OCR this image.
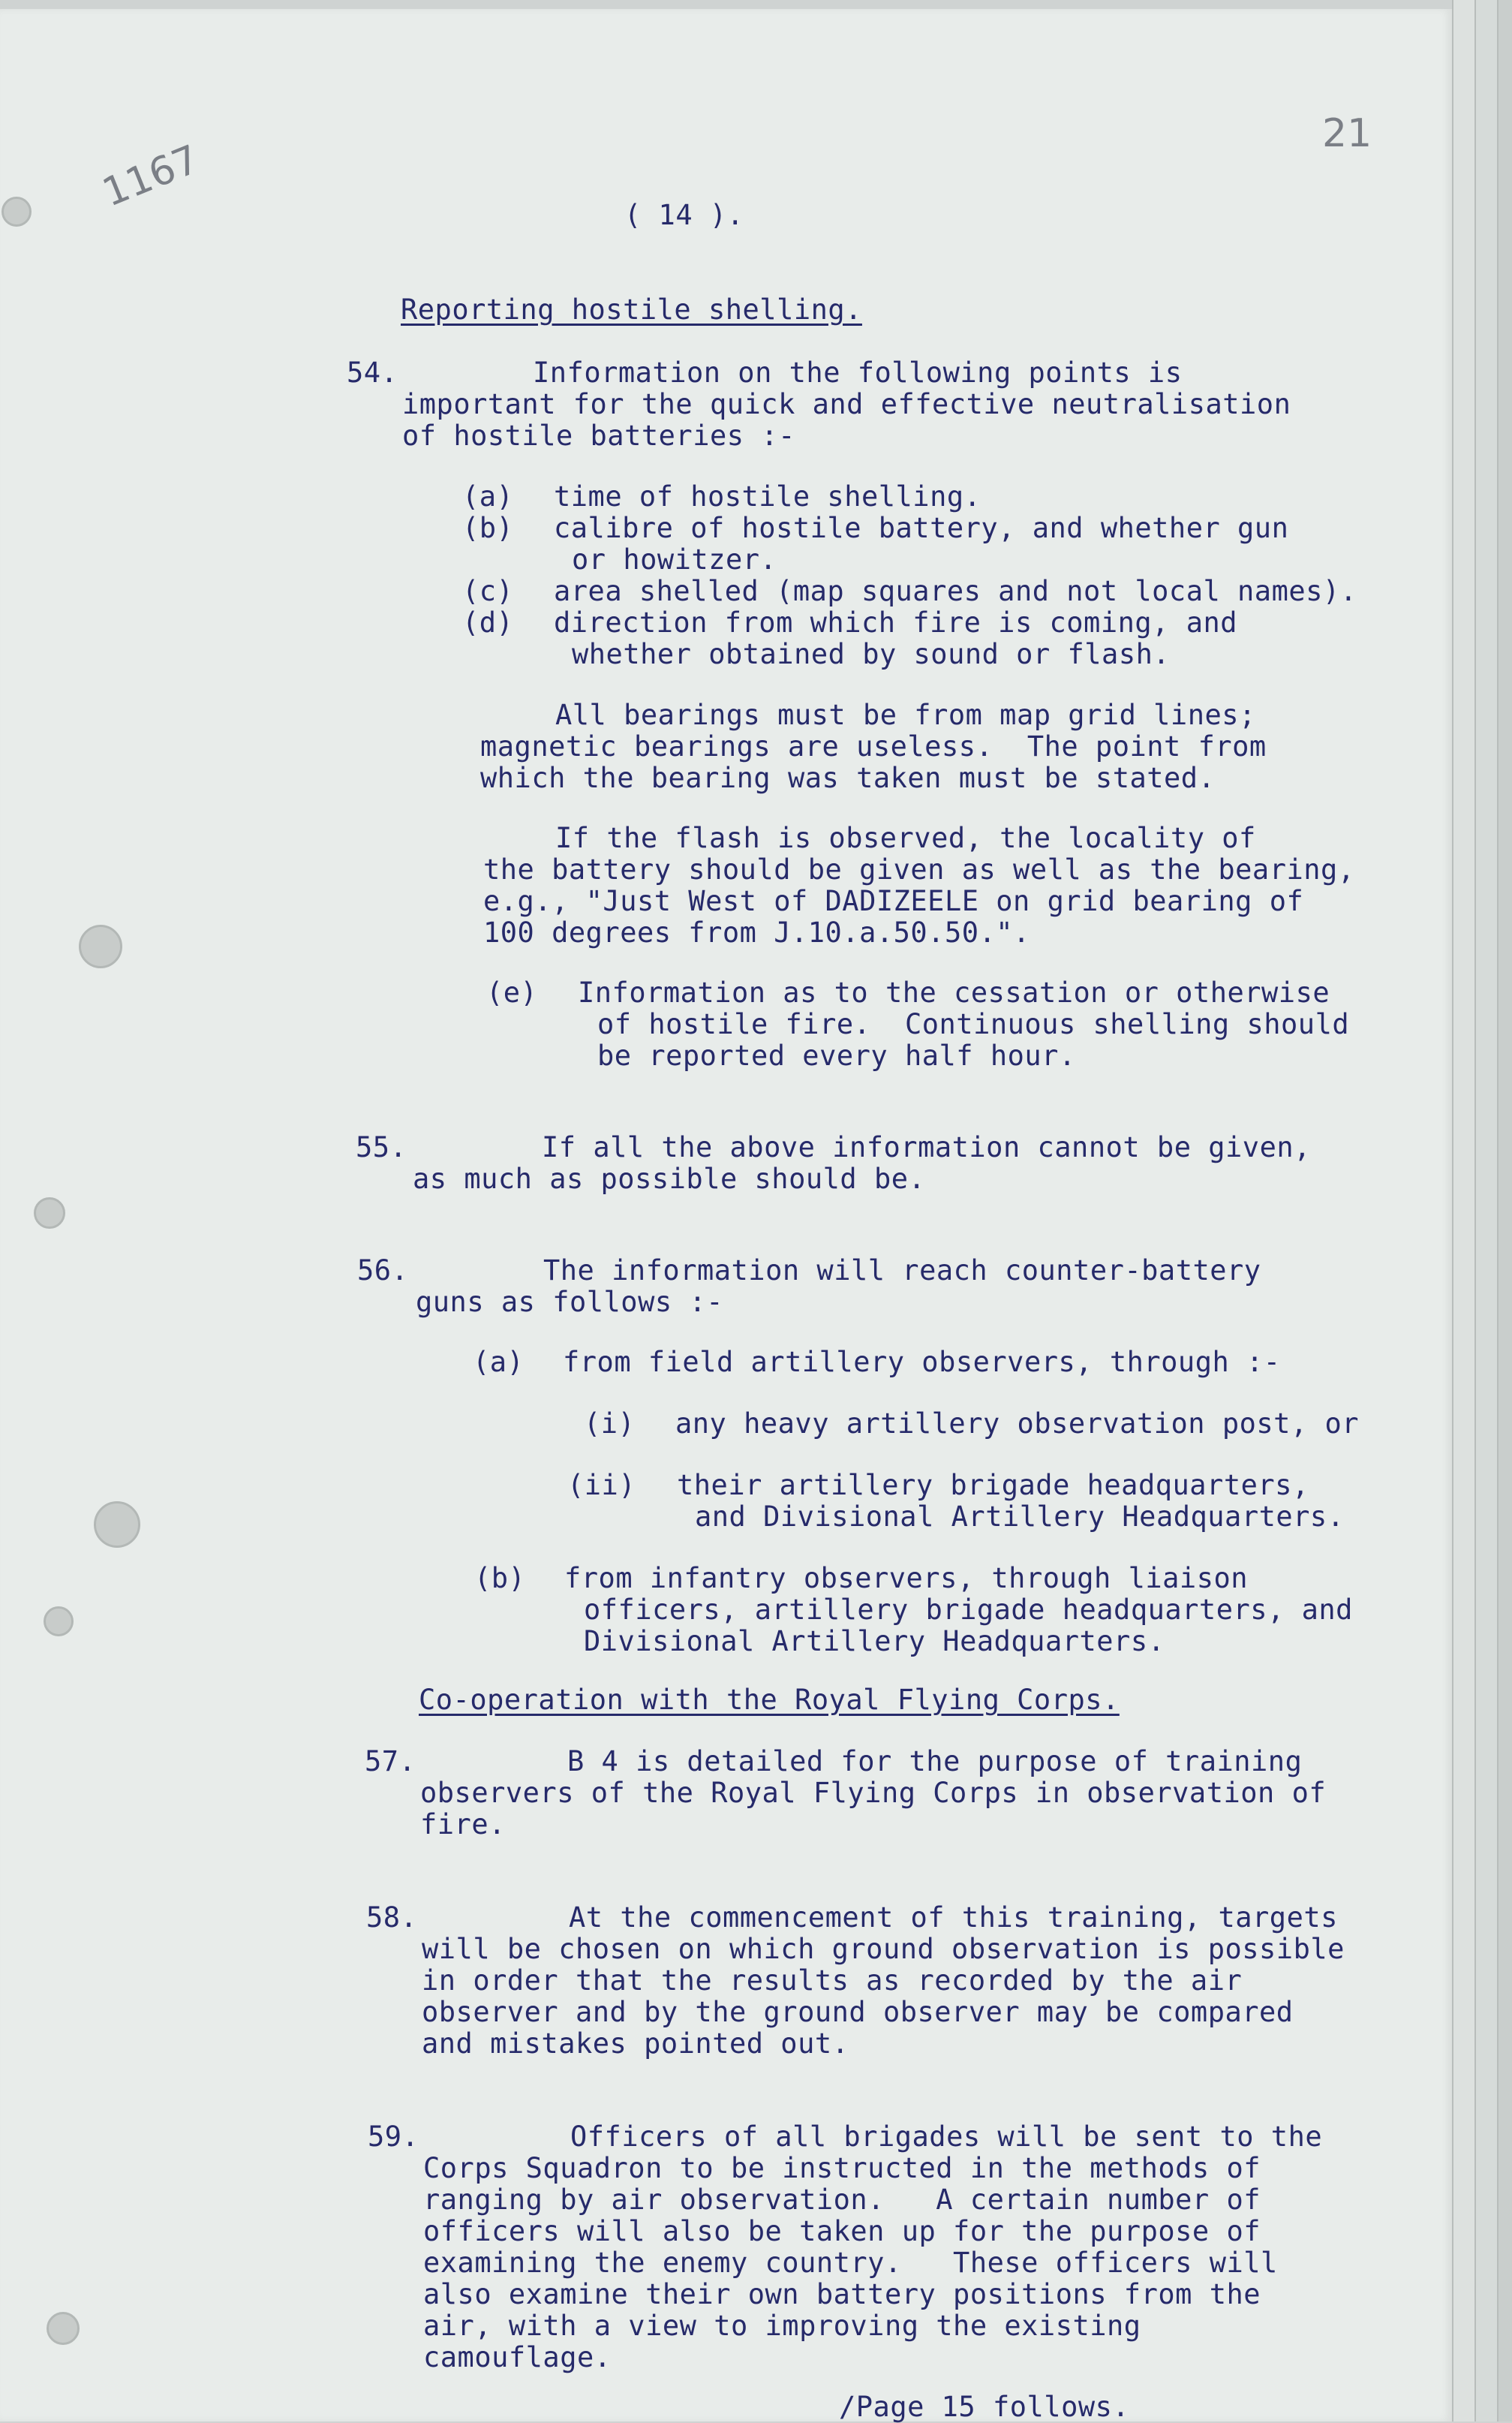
1167
21
( 14 ).
Reporting hostile shelling.
54.	Information on the following points is
important for the quick and effective neutralisation
of hostile batteries :-
(a) time of hostile shelling.
(b) calibre of hostile battery, and whether gun
or howitzer.
(c) area shelled (map squares and not local names).
(d) direction from which fire is coming, and
whether obtained by sound or flash.
All bearings must be from map grid lines;
magnetic bearings are useless.  The point from
which the bearing was taken must be stated.
If the flash is observed, the locality of
the battery should be given as well as the bearing,
e.g., "Just West of DADIZEELE on grid bearing of
100 degrees from J.10.a.50.50.".
(e) Information as to the cessation or otherwise
of hostile fire.  Continuous shelling should
be reported every half hour.
55.	If all the above information cannot be given,
as much as possible should be.
56.	The information will reach counter-battery
guns as follows :-
(a) from field artillery observers, through :-
(i) any heavy artillery observation post, or
(ii) their artillery brigade headquarters,
and Divisional Artillery Headquarters.
(b) from infantry observers, through liaison
officers, artillery brigade headquarters, and
Divisional Artillery Headquarters.
Co-operation with the Royal Flying Corps.
57.	B 4 is detailed for the purpose of training
observers of the Royal Flying Corps in observation of
fire.
58.	At the commencement of this training, targets
will be chosen on which ground observation is possible
in order that the results as recorded by the air
observer and by the ground observer may be compared
and mistakes pointed out.
59.	Officers of all brigades will be sent to the
Corps Squadron to be instructed in the methods of
ranging by air observation.   A certain number of
officers will also be taken up for the purpose of
examining the enemy country.   These officers will
also examine their own battery positions from the
air, with a view to improving the existing
camouflage.
/Page 15 follows.
